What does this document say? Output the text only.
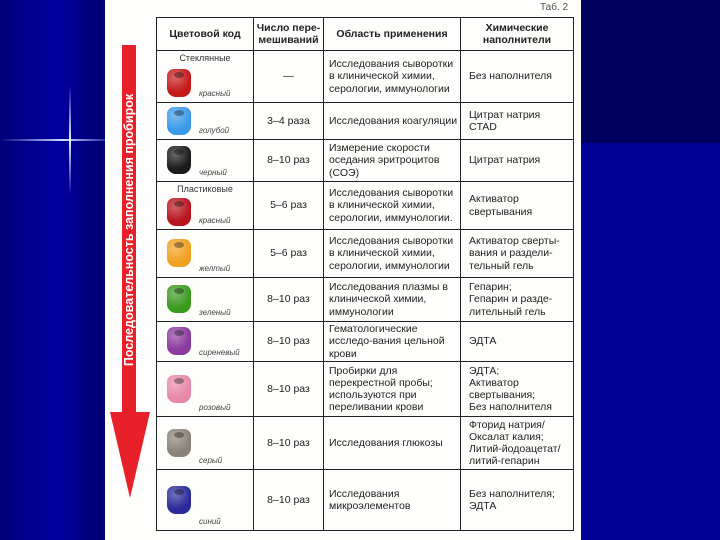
Последовательность заполнения пробирок
Таб. 2
Цветовой код	Число пере-мешиваний	Область применения	Химические наполнители

Стеклянные
красный	—	Исследования сыворотки в клинической химии, серологии, иммунологии	Без наполнителя

голубой	3–4 раза	Исследования коагуляции	Цитрат натрия
CTAD

черный	8–10 раз	Измерение скорости оседания эритроцитов (СОЭ)	Цитрат натрия

Пластиковые
красный	5–6 раз	Исследования сыворотки в клинической химии, серологии, иммунологии.	Активатор свертывания

желтый	5–6 раз	Исследования сыворотки в клинической химии, серологии, иммунологии	Активатор сверты-вания и раздели-тельный гель

зеленый	8–10 раз	Исследования плазмы в клинической химии, иммунологии	Гепарин;
Гепарин и разде-лительный гель

сиреневый	8–10 раз	Гематологические исследо-вания цельной крови	ЭДТА

розовый	8–10 раз	Пробирки для перекрестной пробы; используются при переливании крови	ЭДТА;
Активатор свертывания;
Без наполнителя

серый	8–10 раз	Исследования глюкозы	Фторид натрия/ Оксалат калия; Литий-йодоацетат/ литий-гепарин

синий	8–10 раз	Исследования микроэлементов	Без наполнителя;
ЭДТА
